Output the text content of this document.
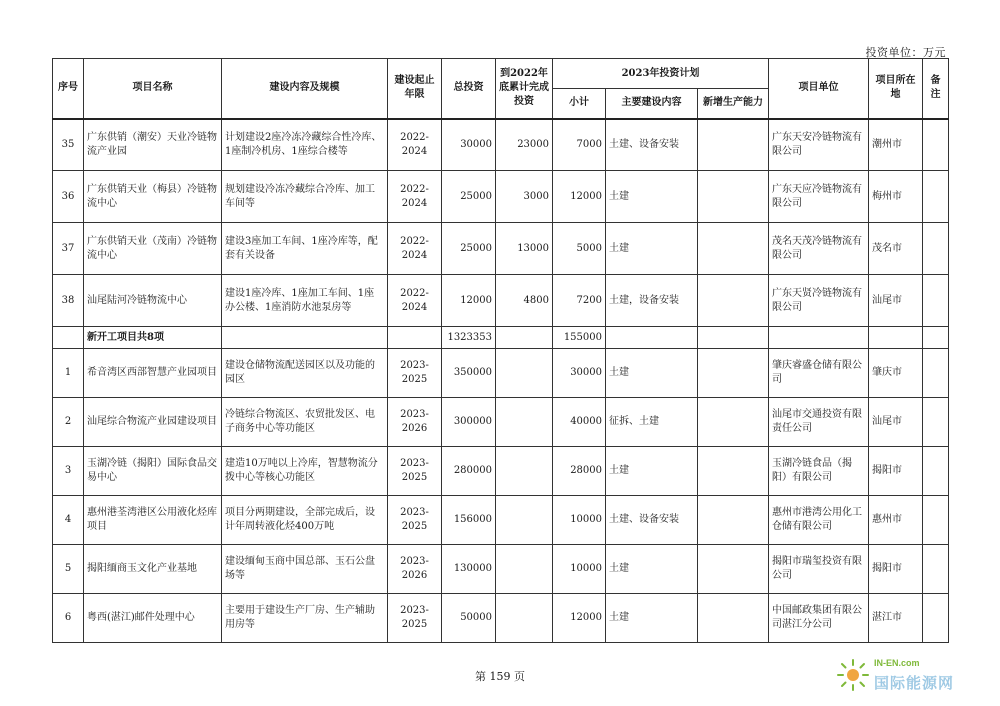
投资单位：万元
序号	项目名称	建设内容及规模	建设起止年限	总投资	到2022年底累计完成投资	2023年投资计划			项目单位	项目所在地	备注
						小计	主要建设内容	新增生产能力			
35	广东供销（潮安）天业冷链物流产业园	计划建设2座冷冻冷藏综合性冷库、1座制冷机房、1座综合楼等	2022-2024	30000	23000	7000	土建、设备安装		广东天安冷链物流有限公司	潮州市	
36	广东供销天业（梅县）冷链物流中心	规划建设冷冻冷藏综合冷库、加工车间等	2022-2024	25000	3000	12000	土建		广东天应冷链物流有限公司	梅州市	
37	广东供销天业（茂南）冷链物流中心	建设3座加工车间、1座冷库等，配套有关设备	2022-2024	25000	13000	5000	土建		茂名天茂冷链物流有限公司	茂名市	
38	汕尾陆河冷链物流中心	建设1座冷库、1座加工车间、1座办公楼、1座消防水池泵房等	2022-2024	12000	4800	7200	土建，设备安装		广东天贤冷链物流有限公司	汕尾市	
	新开工项目共8项			1323353		155000					
1	希音湾区西部智慧产业园项目	建设仓储物流配送园区以及功能的园区	2023-2025	350000		30000	土建		肇庆睿盛仓储有限公司	肇庆市	
2	汕尾综合物流产业园建设项目	冷链综合物流区、农贸批发区、电子商务中心等功能区	2023-2026	300000		40000	征拆、土建		汕尾市交通投资有限责任公司	汕尾市	
3	玉湖冷链（揭阳）国际食品交易中心	建造10万吨以上冷库，智慧物流分拨中心等核心功能区	2023-2025	280000		28000	土建		玉湖冷链食品（揭阳）有限公司	揭阳市	
4	惠州港荃湾港区公用液化烃库项目	项目分两期建设，全部完成后，设计年周转液化烃400万吨	2023-2025	156000		10000	土建、设备安装		惠州市港湾公用化工仓储有限公司	惠州市	
5	揭阳缅商玉文化产业基地	建设缅甸玉商中国总部、玉石公盘场等	2023-2026	130000		10000	土建		揭阳市瑞玺投资有限公司	揭阳市	
6	粤西(湛江)邮件处理中心	主要用于建设生产厂房、生产辅助用房等	2023-2025	50000		12000	土建		中国邮政集团有限公司湛江分公司	湛江市	
第 159 页
IN-EN.com
国际能源网
